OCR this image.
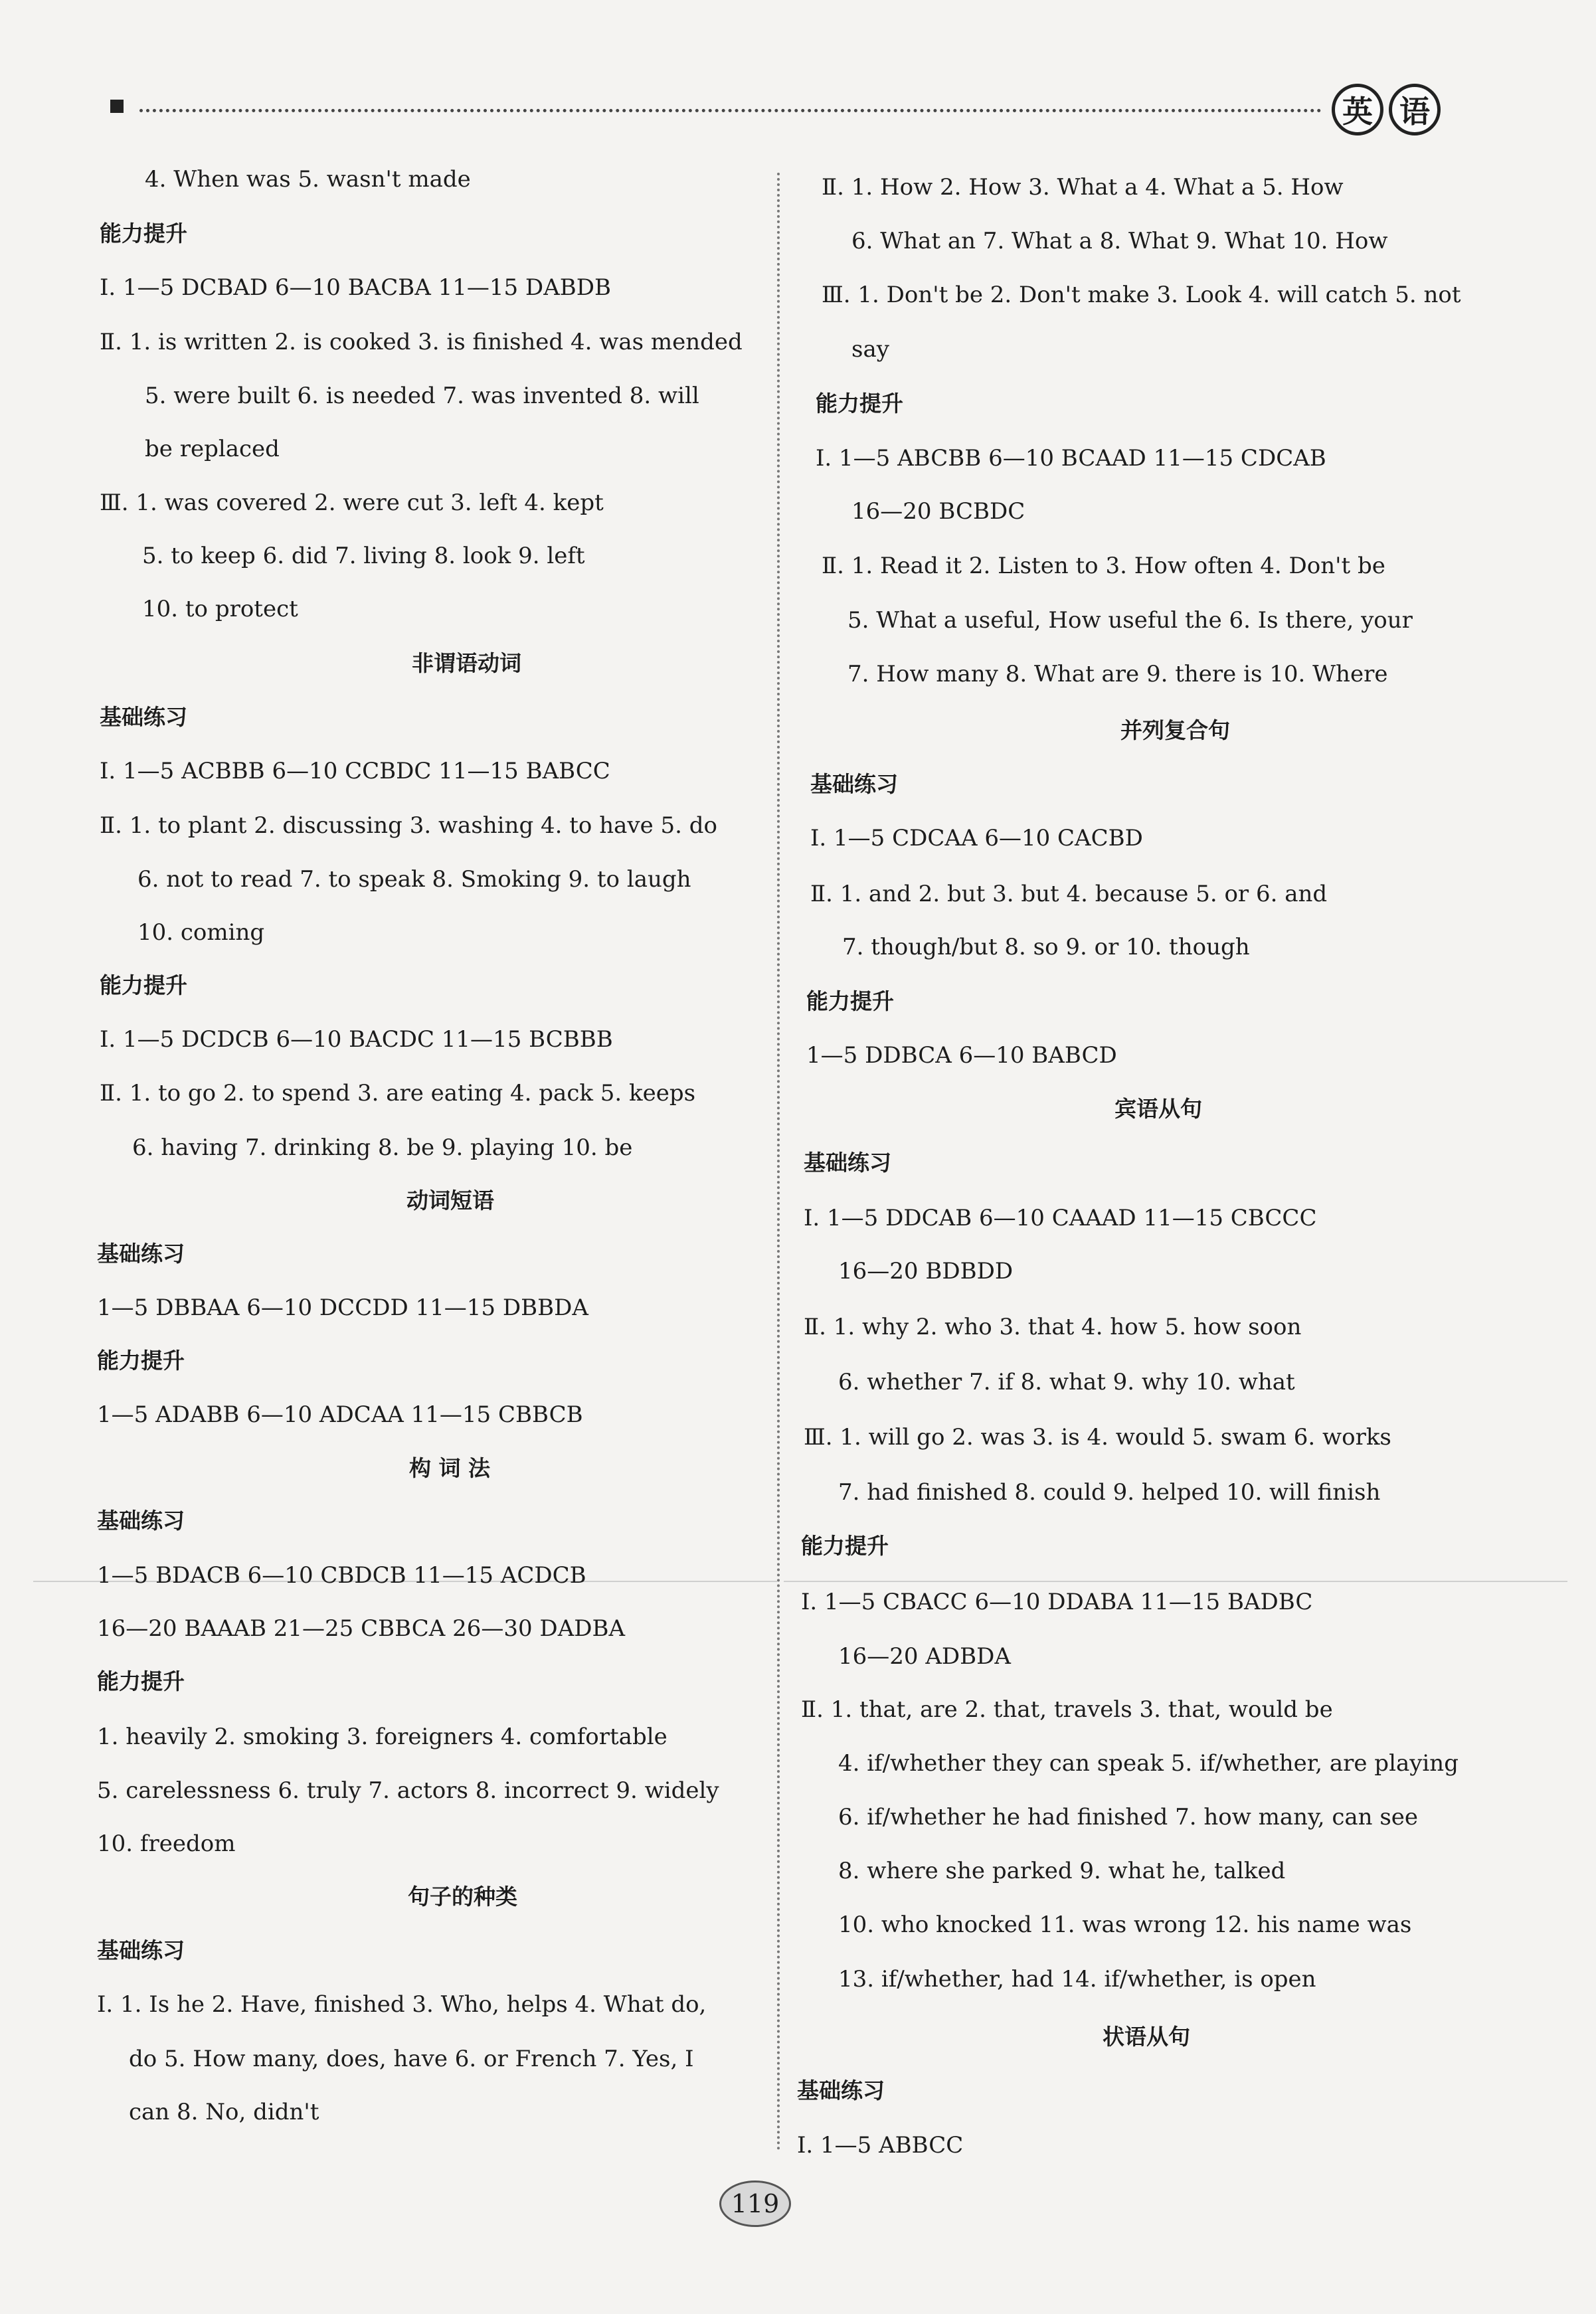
英 语
4. When was 5. wasn't made
能力提升
Ⅰ. 1—5 DCBAD 6—10 BACBA 11—15 DABDB
Ⅱ. 1. is written 2. is cooked 3. is finished 4. was mended
5. were built 6. is needed 7. was invented 8. will
be replaced
Ⅲ. 1. was covered 2. were cut 3. left 4. kept
5. to keep 6. did 7. living 8. look 9. left
10. to protect
非谓语动词
基础练习
Ⅰ. 1—5 ACBBB 6—10 CCBDC 11—15 BABCC
Ⅱ. 1. to plant 2. discussing 3. washing 4. to have 5. do
6. not to read 7. to speak 8. Smoking 9. to laugh
10. coming
能力提升
Ⅰ. 1—5 DCDCB 6—10 BACDC 11—15 BCBBB
Ⅱ. 1. to go 2. to spend 3. are eating 4. pack 5. keeps
6. having 7. drinking 8. be 9. playing 10. be
动词短语
基础练习
1—5 DBBAA 6—10 DCCDD 11—15 DBBDA
能力提升
1—5 ADABB 6—10 ADCAA 11—15 CBBCB
构 词 法
基础练习
1—5 BDACB 6—10 CBDCB 11—15 ACDCB
16—20 BAAAB 21—25 CBBCA 26—30 DADBA
能力提升
1. heavily 2. smoking 3. foreigners 4. comfortable
5. carelessness 6. truly 7. actors 8. incorrect 9. widely
10. freedom
句子的种类
基础练习
Ⅰ. 1. Is he 2. Have, finished 3. Who, helps 4. What do,
do 5. How many, does, have 6. or French 7. Yes, I
can 8. No, didn't
Ⅱ. 1. How 2. How 3. What a 4. What a 5. How
6. What an 7. What a 8. What 9. What 10. How
Ⅲ. 1. Don't be 2. Don't make 3. Look 4. will catch 5. not
say
能力提升
Ⅰ. 1—5 ABCBB 6—10 BCAAD 11—15 CDCAB
16—20 BCBDC
Ⅱ. 1. Read it 2. Listen to 3. How often 4. Don't be
5. What a useful, How useful the 6. Is there, your
7. How many 8. What are 9. there is 10. Where
并列复合句
基础练习
Ⅰ. 1—5 CDCAA 6—10 CACBD
Ⅱ. 1. and 2. but 3. but 4. because 5. or 6. and
7. though/but 8. so 9. or 10. though
能力提升
1—5 DDBCA 6—10 BABCD
宾语从句
基础练习
Ⅰ. 1—5 DDCAB 6—10 CAAAD 11—15 CBCCC
16—20 BDBDD
Ⅱ. 1. why 2. who 3. that 4. how 5. how soon
6. whether 7. if 8. what 9. why 10. what
Ⅲ. 1. will go 2. was 3. is 4. would 5. swam 6. works
7. had finished 8. could 9. helped 10. will finish
能力提升
Ⅰ. 1—5 CBACC 6—10 DDABA 11—15 BADBC
16—20 ADBDA
Ⅱ. 1. that, are 2. that, travels 3. that, would be
4. if/whether they can speak 5. if/whether, are playing
6. if/whether he had finished 7. how many, can see
8. where she parked 9. what he, talked
10. who knocked 11. was wrong 12. his name was
13. if/whether, had 14. if/whether, is open
状语从句
基础练习
Ⅰ. 1—5 ABBCC
119
